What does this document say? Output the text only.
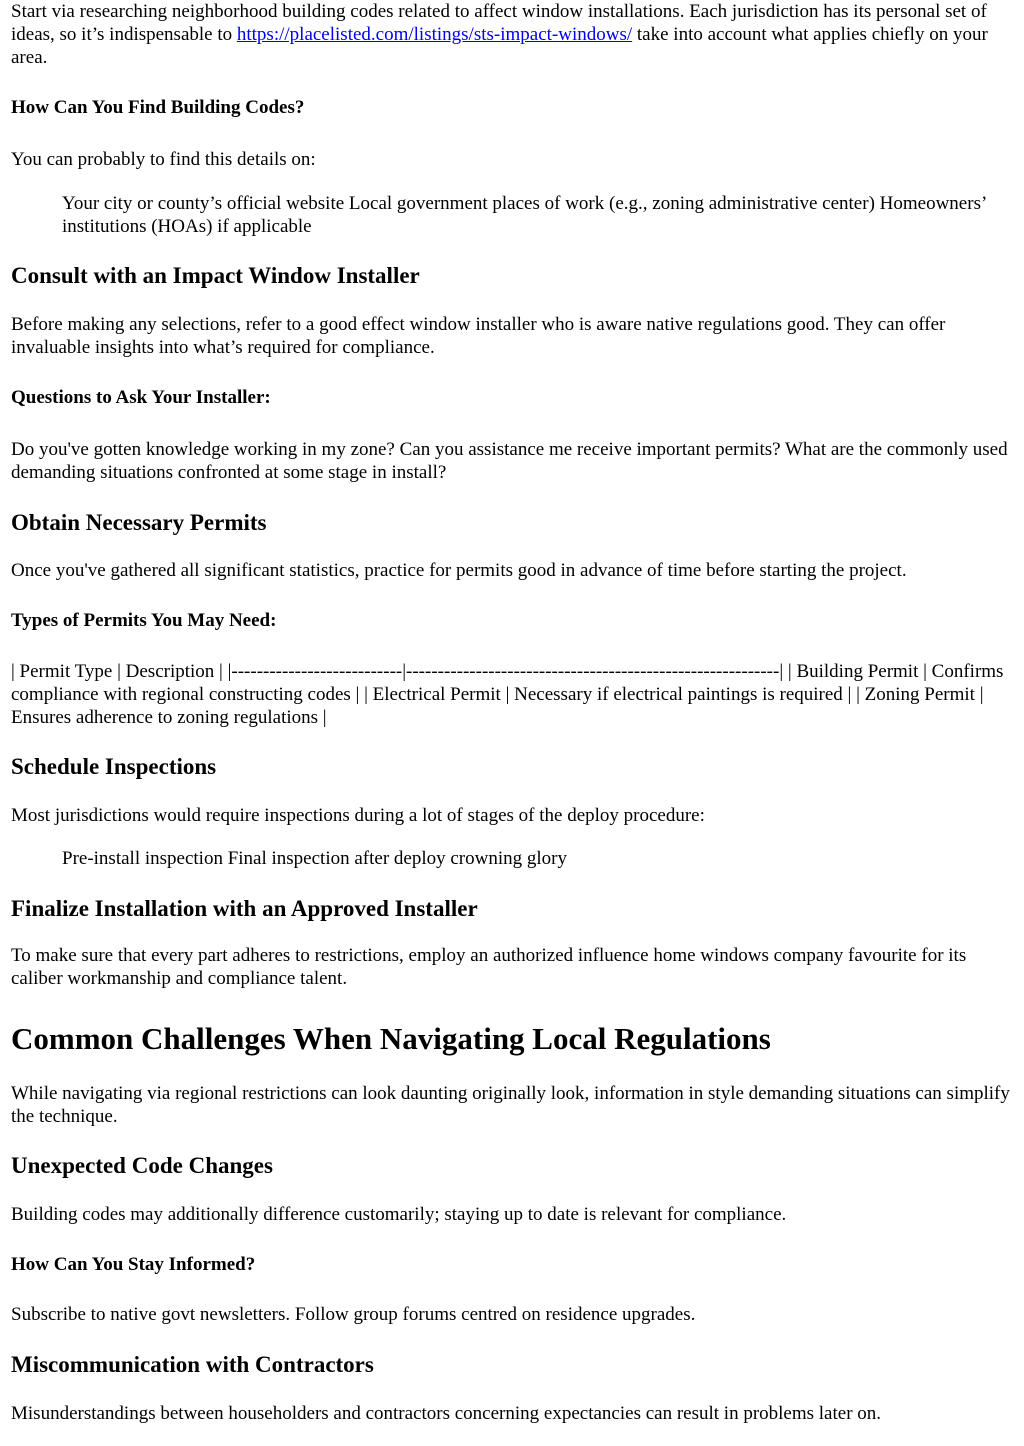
Start via researching neighborhood building codes related to affect window installations. Each jurisdiction has its personal set of ideas, so it’s indispensable to https://placelisted.com/listings/sts-impact-windows/ take into account what applies chiefly on your area.

How Can You Find Building Codes?

You can probably to find this details on:

Your city or county’s official website Local government places of work (e.g., zoning administrative center) Homeowners’ institutions (HOAs) if applicable

Consult with an Impact Window Installer

Before making any selections, refer to a good effect window installer who is aware native regulations good. They can offer invaluable insights into what’s required for compliance.

Questions to Ask Your Installer:

Do you've gotten knowledge working in my zone? Can you assistance me receive important permits? What are the commonly used demanding situations confronted at some stage in install?

Obtain Necessary Permits

Once you've gathered all significant statistics, practice for permits good in advance of time before starting the project.

Types of Permits You May Need:

| Permit Type | Description | |---------------------------|-----------------------------------------------------------| | Building Permit | Confirms compliance with regional constructing codes | | Electrical Permit | Necessary if electrical paintings is required | | Zoning Permit | Ensures adherence to zoning regulations |

Schedule Inspections

Most jurisdictions would require inspections during a lot of stages of the deploy procedure:

Pre-install inspection Final inspection after deploy crowning glory

Finalize Installation with an Approved Installer

To make sure that every part adheres to restrictions, employ an authorized influence home windows company favourite for its caliber workmanship and compliance talent.

Common Challenges When Navigating Local Regulations

While navigating via regional restrictions can look daunting originally look, information in style demanding situations can simplify the technique.

Unexpected Code Changes

Building codes may additionally difference customarily; staying up to date is relevant for compliance.

How Can You Stay Informed?

Subscribe to native govt newsletters. Follow group forums centred on residence upgrades.

Miscommunication with Contractors

Misunderstandings between householders and contractors concerning expectancies can result in problems later on.
